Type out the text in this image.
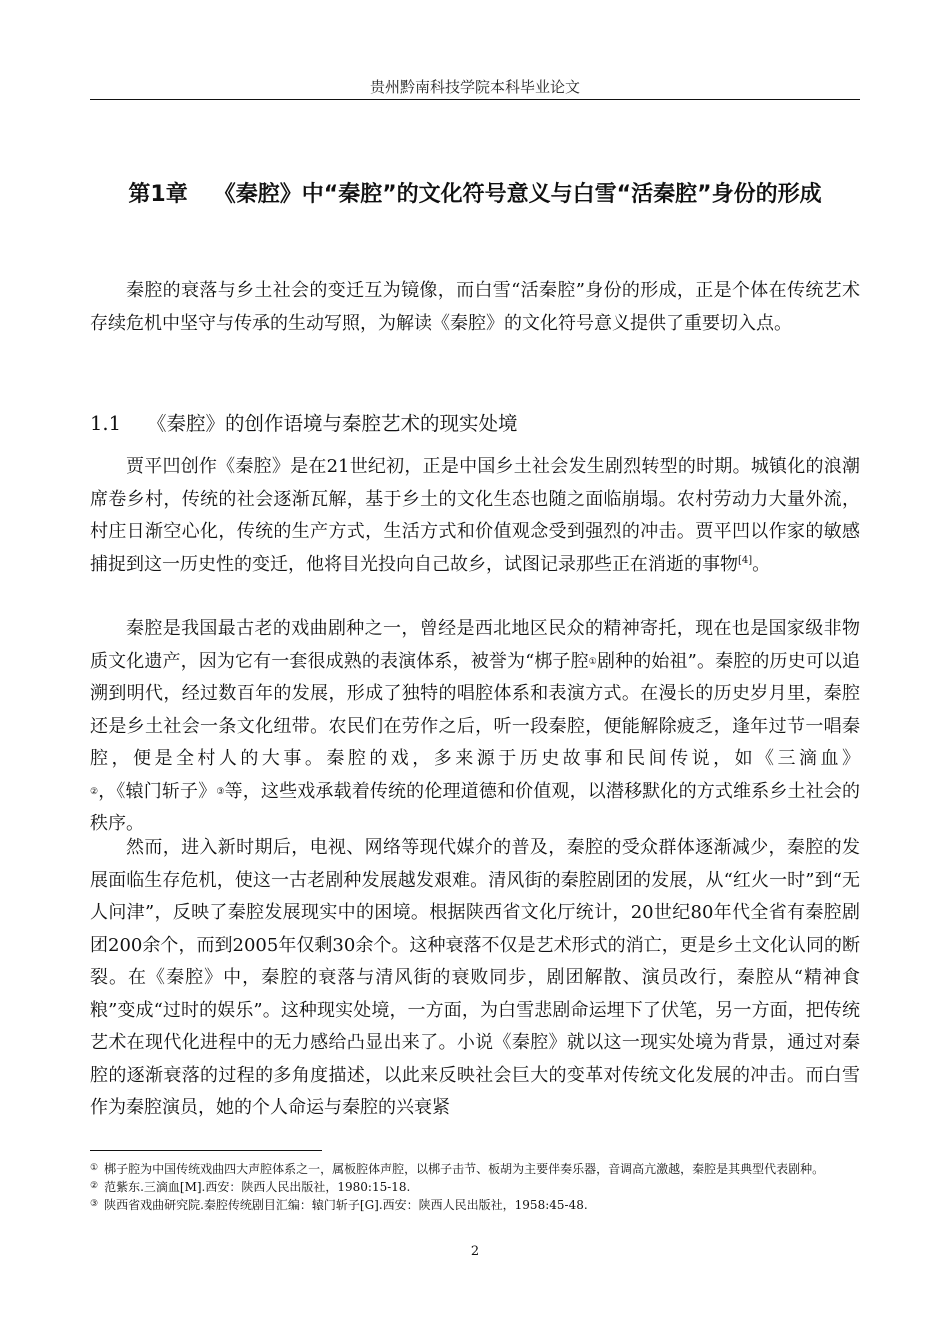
贵州黔南科技学院本科毕业论文
第1章 《秦腔》中“秦腔”的文化符号意义与白雪“活秦腔”身份的形成

秦腔的衰落与乡土社会的变迁互为镜像，而白雪“活秦腔”身份的形成，正是个体在传统艺术存续危机中坚守与传承的生动写照，为解读《秦腔》的文化符号意义提供了重要切入点。

1.1 《秦腔》的创作语境与秦腔艺术的现实处境

贾平凹创作《秦腔》是在21世纪初，正是中国乡土社会发生剧烈转型的时期。城镇化的浪潮席卷乡村，传统的社会逐渐瓦解，基于乡土的文化生态也随之面临崩塌。农村劳动力大量外流，村庄日渐空心化，传统的生产方式，生活方式和价值观念受到强烈的冲击。贾平凹以作家的敏感捕捉到这一历史性的变迁，他将目光投向自己故乡，试图记录那些正在消逝的事物[4]。

秦腔是我国最古老的戏曲剧种之一，曾经是西北地区民众的精神寄托，现在也是国家级非物质文化遗产，因为它有一套很成熟的表演体系，被誉为“梆子腔①剧种的始祖”。秦腔的历史可以追溯到明代，经过数百年的发展，形成了独特的唱腔体系和表演方式。在漫长的历史岁月里，秦腔还是乡土社会一条文化纽带。农民们在劳作之后，听一段秦腔，便能解除疲乏，逢年过节一唱秦腔，便是全村人的大事。秦腔的戏，多来源于历史故事和民间传说，如《三滴血》②，《辕门斩子》③等，这些戏承载着传统的伦理道德和价值观，以潜移默化的方式维系乡土社会的秩序。

然而，进入新时期后，电视、网络等现代媒介的普及，秦腔的受众群体逐渐减少，秦腔的发展面临生存危机，使这一古老剧种发展越发艰难。清风街的秦腔剧团的发展，从“红火一时”到“无人问津”，反映了秦腔发展现实中的困境。根据陕西省文化厅统计，20世纪80年代全省有秦腔剧团200余个，而到2005年仅剩30余个。这种衰落不仅是艺术形式的消亡，更是乡土文化认同的断裂。在《秦腔》中，秦腔的衰落与清风街的衰败同步，剧团解散、演员改行，秦腔从“精神食粮”变成“过时的娱乐”。这种现实处境，一方面，为白雪悲剧命运埋下了伏笔，另一方面，把传统艺术在现代化进程中的无力感给凸显出来了。小说《秦腔》就以这一现实处境为背景，通过对秦腔的逐渐衰落的过程的多角度描述，以此来反映社会巨大的变革对传统文化发展的冲击。而白雪作为秦腔演员，她的个人命运与秦腔的兴衰紧

① 梆子腔为中国传统戏曲四大声腔体系之一，属板腔体声腔，以梆子击节、板胡为主要伴奏乐器，音调高亢激越，秦腔是其典型代表剧种。

② 范紫东.三滴血[M].西安：陕西人民出版社，1980:15-18.

③ 陕西省戏曲研究院.秦腔传统剧目汇编：辕门斩子[G].西安：陕西人民出版社，1958:45-48.

2
